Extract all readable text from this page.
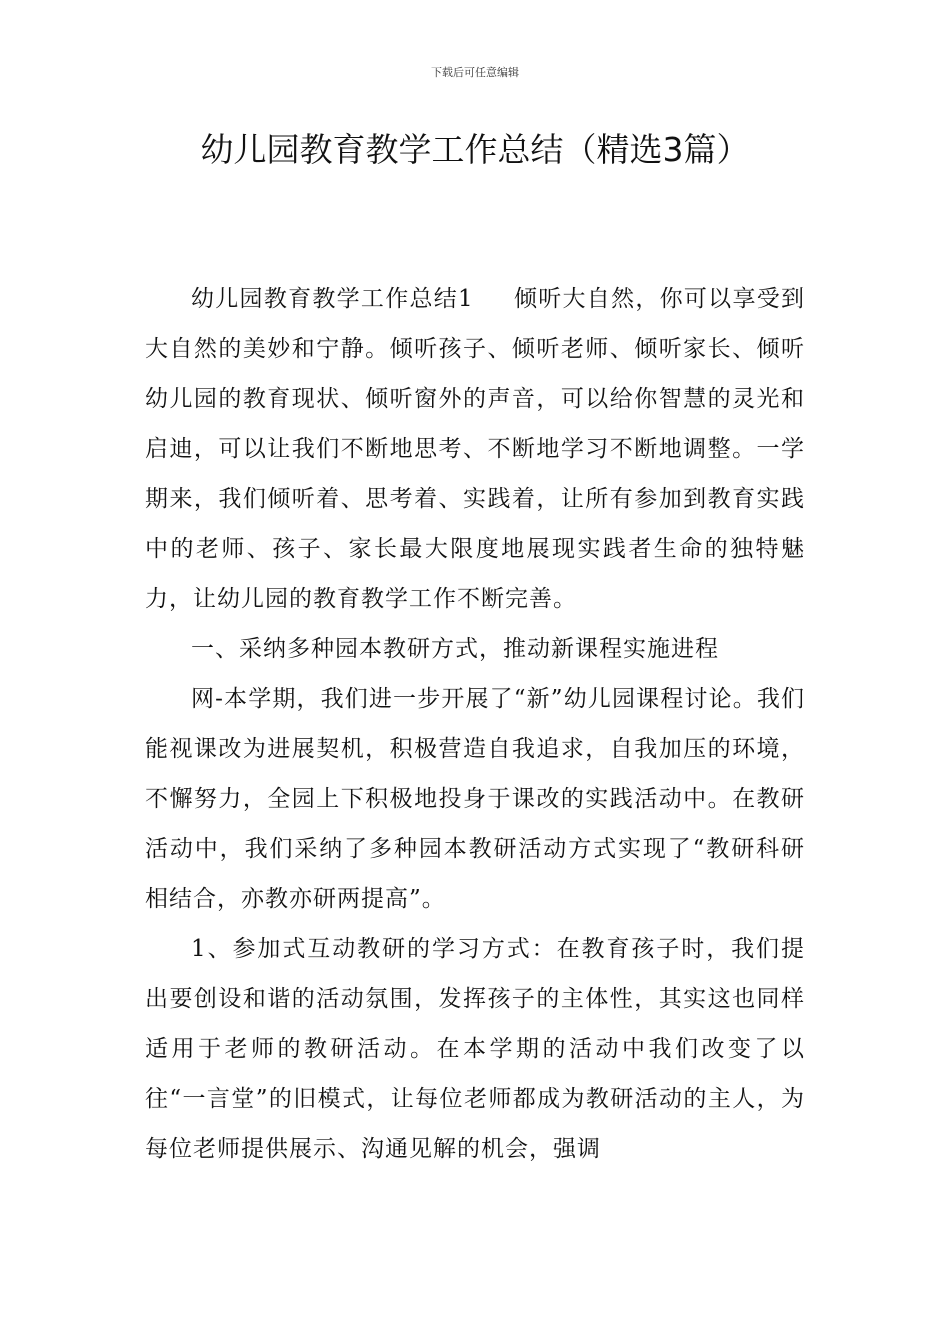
下载后可任意编辑
幼儿园教育教学工作总结（精选3篇）

幼儿园教育教学工作总结1 倾听大自然，你可以享受到大自然的美妙和宁静。倾听孩子、倾听老师、倾听家长、倾听幼儿园的教育现状、倾听窗外的声音，可以给你智慧的灵光和启迪，可以让我们不断地思考、不断地学习不断地调整。一学期来，我们倾听着、思考着、实践着，让所有参加到教育实践中的老师、孩子、家长最大限度地展现实践者生命的独特魅力，让幼儿园的教育教学工作不断完善。

一、采纳多种园本教研方式，推动新课程实施进程

网-本学期，我们进一步开展了“新”幼儿园课程讨论。我们能视课改为进展契机，积极营造自我追求，自我加压的环境，不懈努力，全园上下积极地投身于课改的实践活动中。在教研活动中，我们采纳了多种园本教研活动方式实现了“教研科研相结合，亦教亦研两提高”。

1、参加式互动教研的学习方式：在教育孩子时，我们提出要创设和谐的活动氛围，发挥孩子的主体性，其实这也同样适用于老师的教研活动。在本学期的活动中我们改变了以往“一言堂”的旧模式，让每位老师都成为教研活动的主人，为每位老师提供展示、沟通见解的机会，强调
